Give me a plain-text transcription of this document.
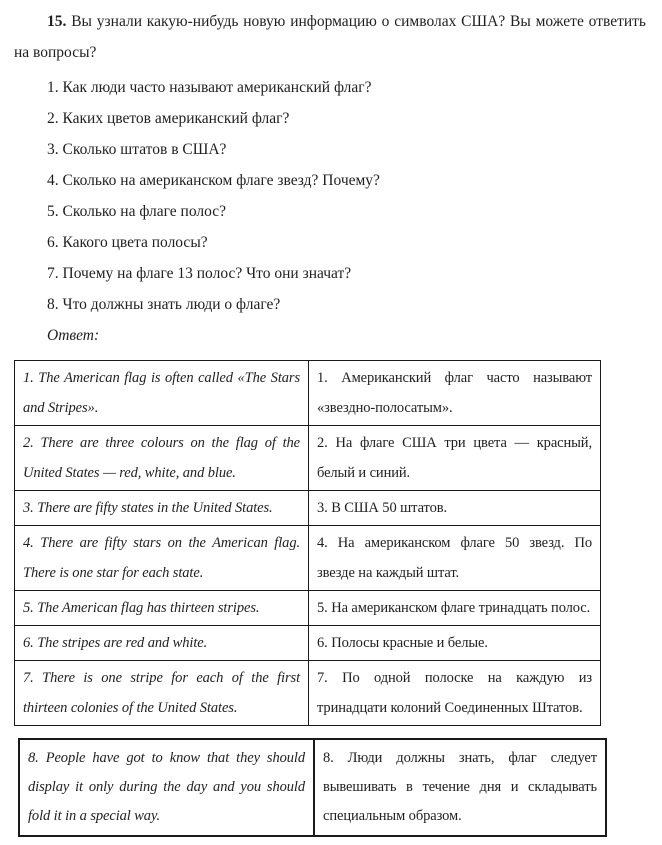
15. Вы узнали какую-нибудь новую информацию о символах США? Вы можете ответить на вопросы?

1. Как люди часто называют американский флаг?
2. Каких цветов американский флаг?
3. Сколько штатов в США?
4. Сколько на американском флаге звезд? Почему?
5. Сколько на флаге полос?
6. Какого цвета полосы?
7. Почему на флаге 13 полос? Что они значат?
8. Что должны знать люди о флаге?

Ответ:

1. The American flag is often called «The Stars and Stripes».	1. Американский флаг часто называют «звездно-полосатым».
2. There are three colours on the flag of the United States — red, white, and blue.	2. На флаге США три цвета — красный, белый и синий.
3. There are fifty states in the United States.	3. В США 50 штатов.
4. There are fifty stars on the American flag. There is one star for each state.	4. На американском флаге 50 звезд. По звезде на каждый штат.
5. The American flag has thirteen stripes.	5. На американском флаге тринадцать полос.
6. The stripes are red and white.	6. Полосы красные и белые.
7. There is one stripe for each of the first thirteen colonies of the United States.	7. По одной полоске на каждую из тринадцати колоний Соединенных Штатов.
8. People have got to know that they should display it only during the day and you should fold it in a special way.	8. Люди должны знать, флаг следует вывешивать в течение дня и складывать специальным образом.
